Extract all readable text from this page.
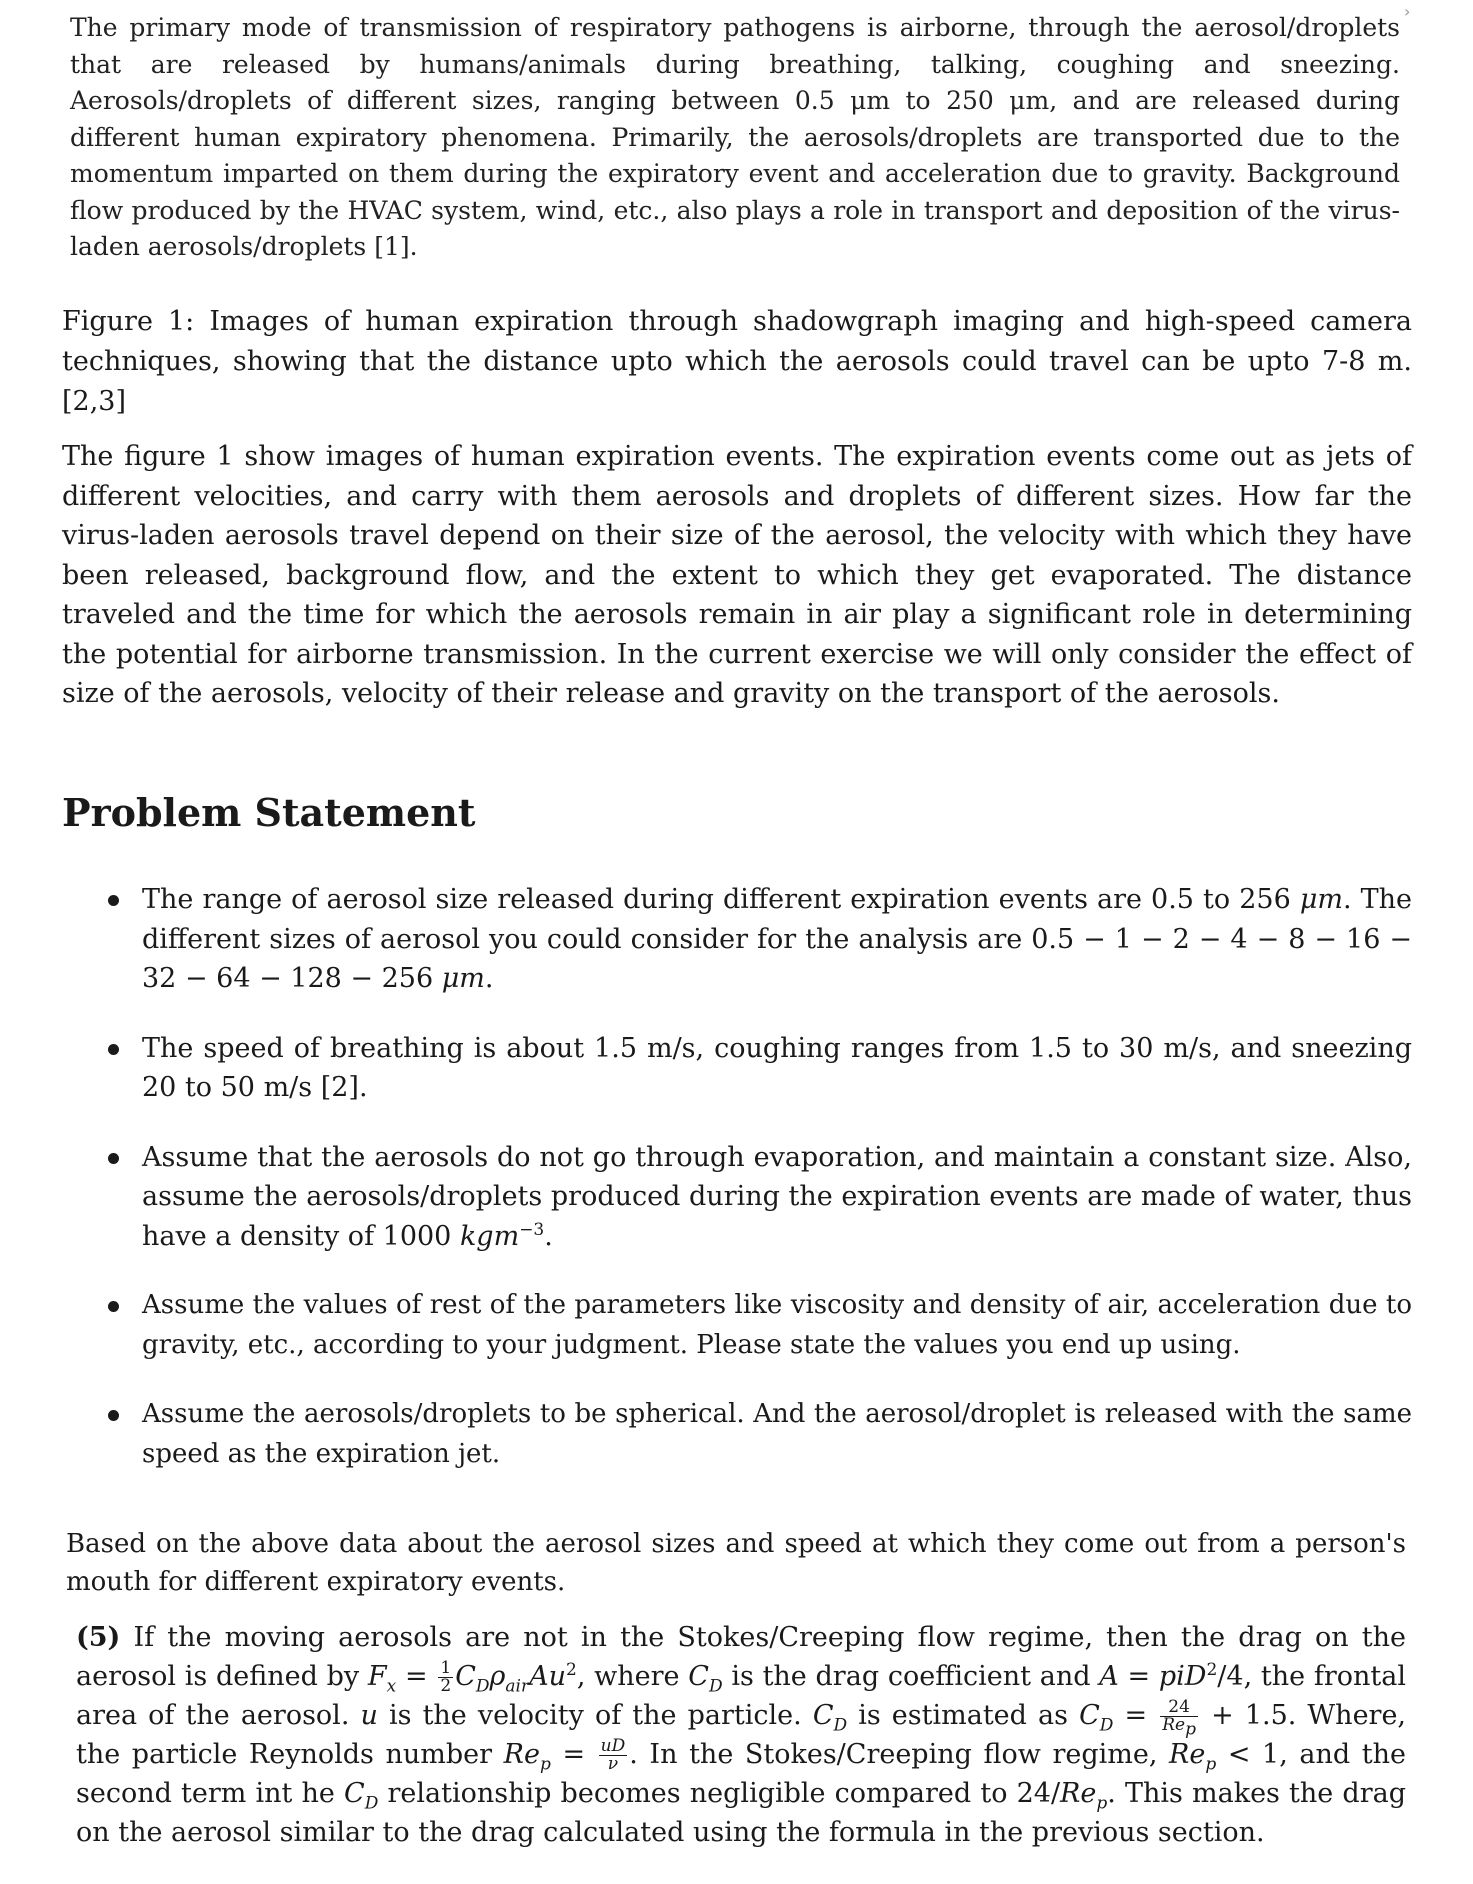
›

The primary mode of transmission of respiratory pathogens is airborne, through the aerosol/droplets that are released by humans/animals during breathing, talking, coughing and sneezing. Aerosols/droplets of different sizes, ranging between 0.5 μm to 250 μm, and are released during different human expiratory phenomena. Primarily, the aerosols/droplets are transported due to the momentum imparted on them during the expiratory event and acceleration due to gravity. Background flow produced by the HVAC system, wind, etc., also plays a role in transport and deposition of the virus-laden aerosols/droplets [1].

Figure 1: Images of human expiration through shadowgraph imaging and high-speed camera techniques, showing that the distance upto which the aerosols could travel can be upto 7-8 m. [2,3]

The figure 1 show images of human expiration events. The expiration events come out as jets of different velocities, and carry with them aerosols and droplets of different sizes. How far the virus-laden aerosols travel depend on their size of the aerosol, the velocity with which they have been released, background flow, and the extent to which they get evaporated. The distance traveled and the time for which the aerosols remain in air play a significant role in determining the potential for airborne transmission. In the current exercise we will only consider the effect of size of the aerosols, velocity of their release and gravity on the transport of the aerosols.

Problem Statement
The range of aerosol size released during different expiration events are 0.5 to 256 μm. The different sizes of aerosol you could consider for the analysis are 0.5 − 1 − 2 − 4 − 8 − 16 − 32 − 64 − 128 − 256 μm.
The speed of breathing is about 1.5 m/s, coughing ranges from 1.5 to 30 m/s, and sneezing 20 to 50 m/s [2].
Assume that the aerosols do not go through evaporation, and maintain a constant size. Also, assume the aerosols/droplets produced during the expiration events are made of water, thus have a density of 1000 kgm$^{-3}$.
Assume the values of rest of the parameters like viscosity and density of air, acceleration due to gravity, etc., according to your judgment. Please state the values you end up using.
Assume the aerosols/droplets to be spherical. And the aerosol/droplet is released with the same speed as the expiration jet.

Based on the above data about the aerosol sizes and speed at which they come out from a person's mouth for different expiratory events.

(5) If the moving aerosols are not in the Stokes/Creeping flow regime, then the drag on the aerosol is defined by $F_x = \frac{1}{2} C_D\rho_{air}Au^2$, where $C_D$ is the drag coefficient and A = piD$^2$/4, the frontal area of the aerosol. u is the velocity of the particle. $C_D$ is estimated as $C_D = \frac{24}{Re_p} + 1.5$. Where, the particle Reynolds number $Re_p = \frac{uD}{\nu}$ . In the Stokes/Creeping flow regime, $Re_p < 1$, and the second term int he $C_D$ relationship becomes negligible compared to $24/Re_p$. This makes the drag on the aerosol similar to the drag calculated using the formula in the previous section.
